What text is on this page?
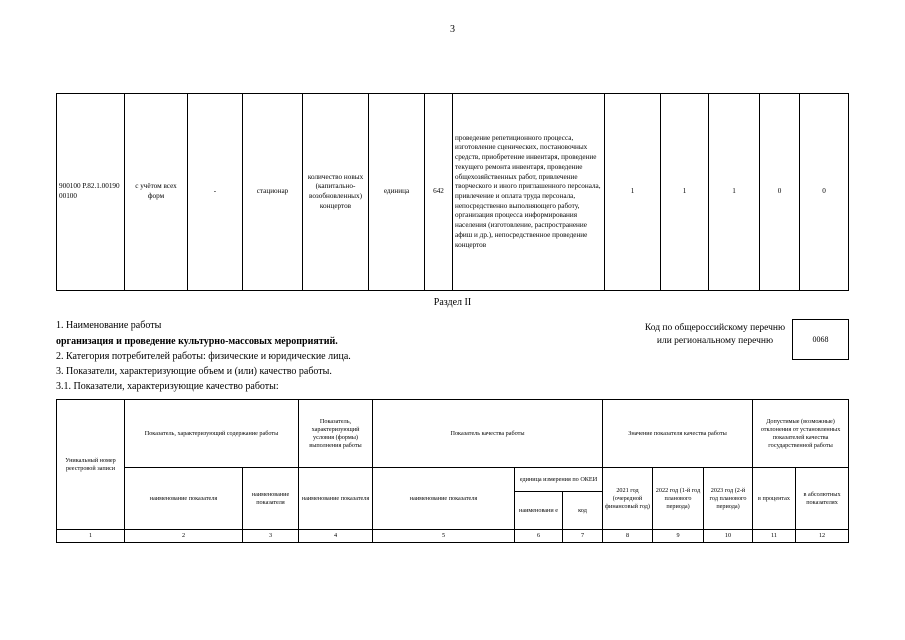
3
900100 Р.82.1.00190 00100	с учётом всех форм	-	стационар	количество новых (капитально-возобновленных) концертов	единица	642	проведение репетиционного процесса, изготовление сценических, постановочных средств, приобретение инвентаря, проведение текущего ремонта инвентаря, проведение общехозяйственных работ, привлечение творческого и иного приглашенного персонала, привлечение и оплата труда персонала, непосредственно выполняющего работу, организация процесса информирования населения (изготовление, распространение афиш и др.), непосредственное проведение концертов	1	1	1	0	0
Раздел II
1. Наименование работы
организация и проведение культурно-массовых мероприятий.
2. Категория потребителей работы: физические и юридические лица.
3. Показатели, характеризующие объем и (или) качество работы.
3.1. Показатели, характеризующие качество работы:
Код по общероссийскому перечню или региональному перечню	0068
Уникальный номер реестровой записи	Показатель, характеризующий содержание работы		Показатель, характеризующий условия (формы) выполнения работы	Показатель качества работы			Значение показателя качества работы			Допустимые (возможные) отклонения от установленных показателей качества государственной работы	
	наименование показателя	наименование показателя	наименование показателя	наименование показателя	единица измерения по ОКЕИ		2021 год (очередной финансовый год)	2022 год (1-й год планового периода)	2023 год (2-й год планового периода)	в процентах	в абсолютных показателях
					наименовани е	код					
1	2	3	4	5	6	7	8	9	10	11	12
